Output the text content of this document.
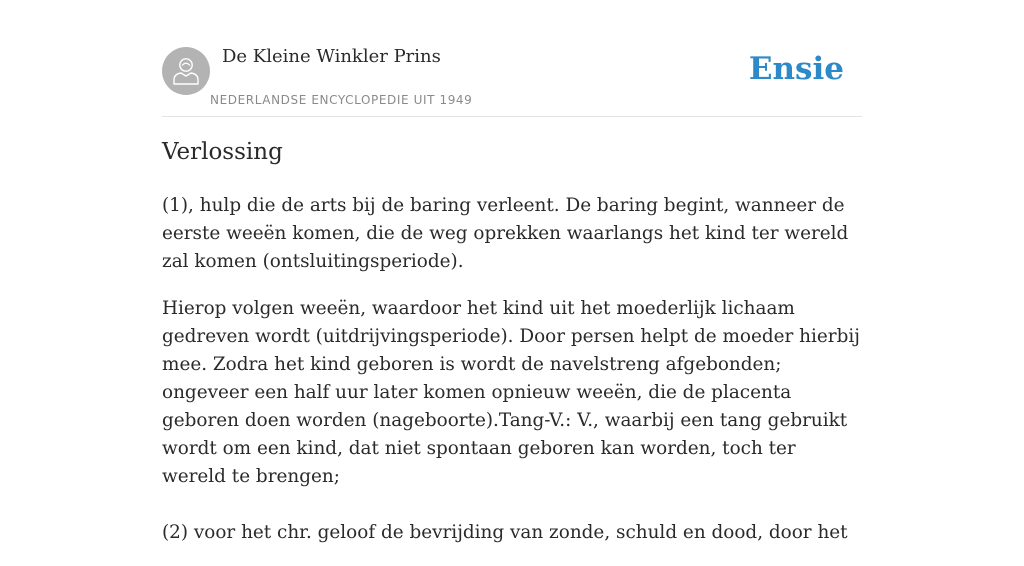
De Kleine Winkler Prins
NEDERLANDSE ENCYCLOPEDIE UIT 1949
Ensie
Verlossing

(1), hulp die de arts bij de baring verleent. De baring begint, wanneer de eerste weeën komen, die de weg oprekken waarlangs het kind ter wereld zal komen (ontsluitingsperiode).

Hierop volgen weeën, waardoor het kind uit het moederlijk lichaam gedreven wordt (uitdrijvingsperiode). Door persen helpt de moeder hierbij mee. Zodra het kind geboren is wordt de navelstreng afgebonden; ongeveer een half uur later komen opnieuw weeën, die de placenta geboren doen worden (nageboorte).Tang-V.: V., waarbij een tang gebruikt wordt om een kind, dat niet spontaan geboren kan worden, toch ter wereld te brengen;

(2) voor het chr. geloof de bevrijding van zonde, schuld en dood, door het
